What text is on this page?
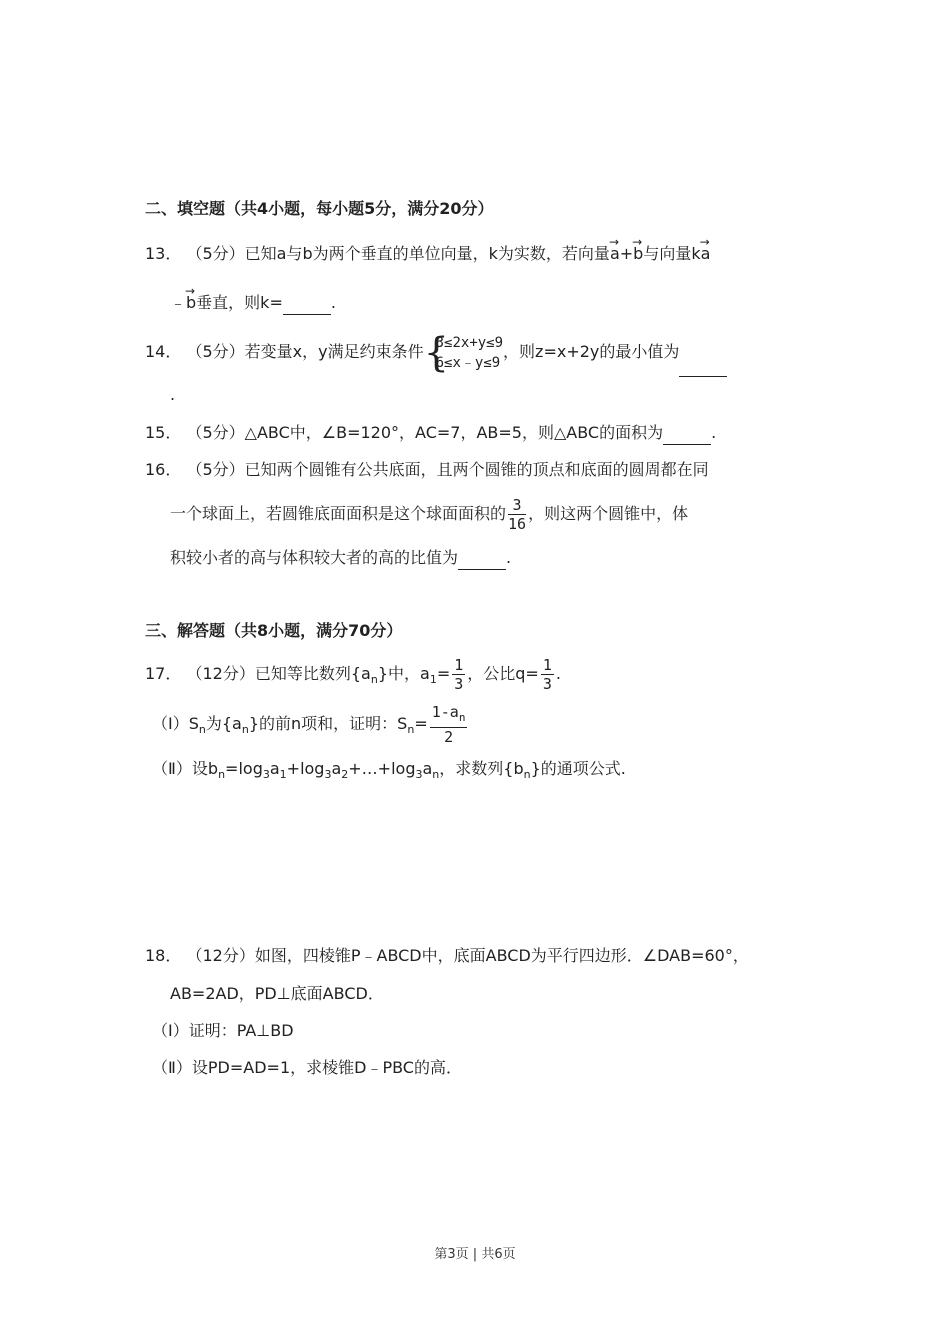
二、填空题（共4小题，每小题5分，满分20分）
13． （5分）已知a与b为两个垂直的单位向量，k为实数，若向量→ a+→ b与向量k→ a
﹣→ b垂直，则k=	.
14． （5分）若变量x，y满足约束条件 {
3≤2x+y≤9
6≤x﹣y≤9
，则z=x+2y的最小值为
.
15． （5分）△ABC中，∠B=120°，AC=7，AB=5，则△ABC的面积为	.
16． （5分）已知两个圆锥有公共底面，且两个圆锥的顶点和底面的圆周都在同
一个球面上，若圆锥底面面积是这个球面面积的 $\frac{3}{16}$ ，则这两个圆锥中，体
积较小者的高与体积较大者的高的比值为	.
三、解答题（共8小题，满分70分）
17． （12分）已知等比数列$\{a_n\}$中，$a_1= \frac{1}{3}$ ，公比$q= \frac{1}{3}$ .
$(Ⅰ)S_n$为$\{a_n\}$的前n项和，证明：$S_n= \frac{1-a_n}{2}$
（Ⅱ）设$b_n=\log_3a_1+\log_3a_2+\dots+\log_3a_n$，求数列$\{b_n\}$的通项公式.
18． （12分）如图，四棱锥P﹣ABCD中，底面ABCD为平行四边形．∠DAB=60°，
AB=2AD，PD⊥底面ABCD．
（Ⅰ）证明：PA⊥BD
（Ⅱ）设PD=AD=1，求棱锥D﹣PBC的高．
第3页 | 共6页
